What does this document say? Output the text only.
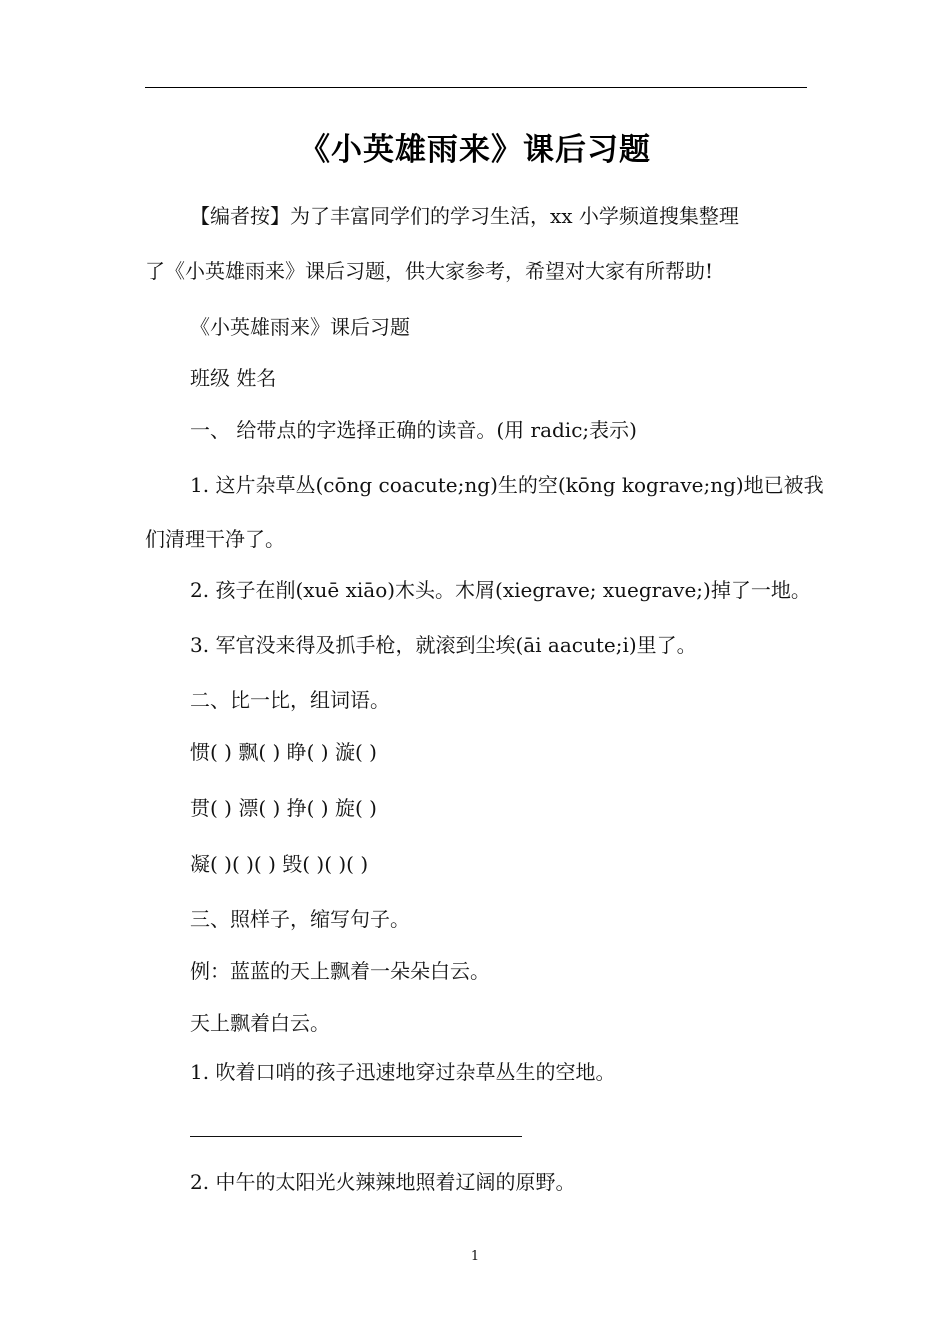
《小英雄雨来》课后习题
【编者按】为了丰富同学们的学习生活，xx 小学频道搜集整理
了《小英雄雨来》课后习题，供大家参考，希望对大家有所帮助!
《小英雄雨来》课后习题
班级 姓名
一、 给带点的字选择正确的读音。(用 radic;表示)
1. 这片杂草丛(cōng coacute;ng)生的空(kōng kograve;ng)地已被我
们清理干净了。
2. 孩子在削(xuē xiāo)木头。木屑(xiegrave; xuegrave;)掉了一地。
3. 军官没来得及抓手枪，就滚到尘埃(āi aacute;i)里了。
二、比一比，组词语。
惯( ) 飘( ) 睁( ) 漩( )
贯( ) 漂( ) 挣( ) 旋( )
凝( )( )( ) 毁( )( )( )
三、照样子，缩写句子。
例：蓝蓝的天上飘着一朵朵白云。
天上飘着白云。
1. 吹着口哨的孩子迅速地穿过杂草丛生的空地。
2. 中午的太阳光火辣辣地照着辽阔的原野。
1
